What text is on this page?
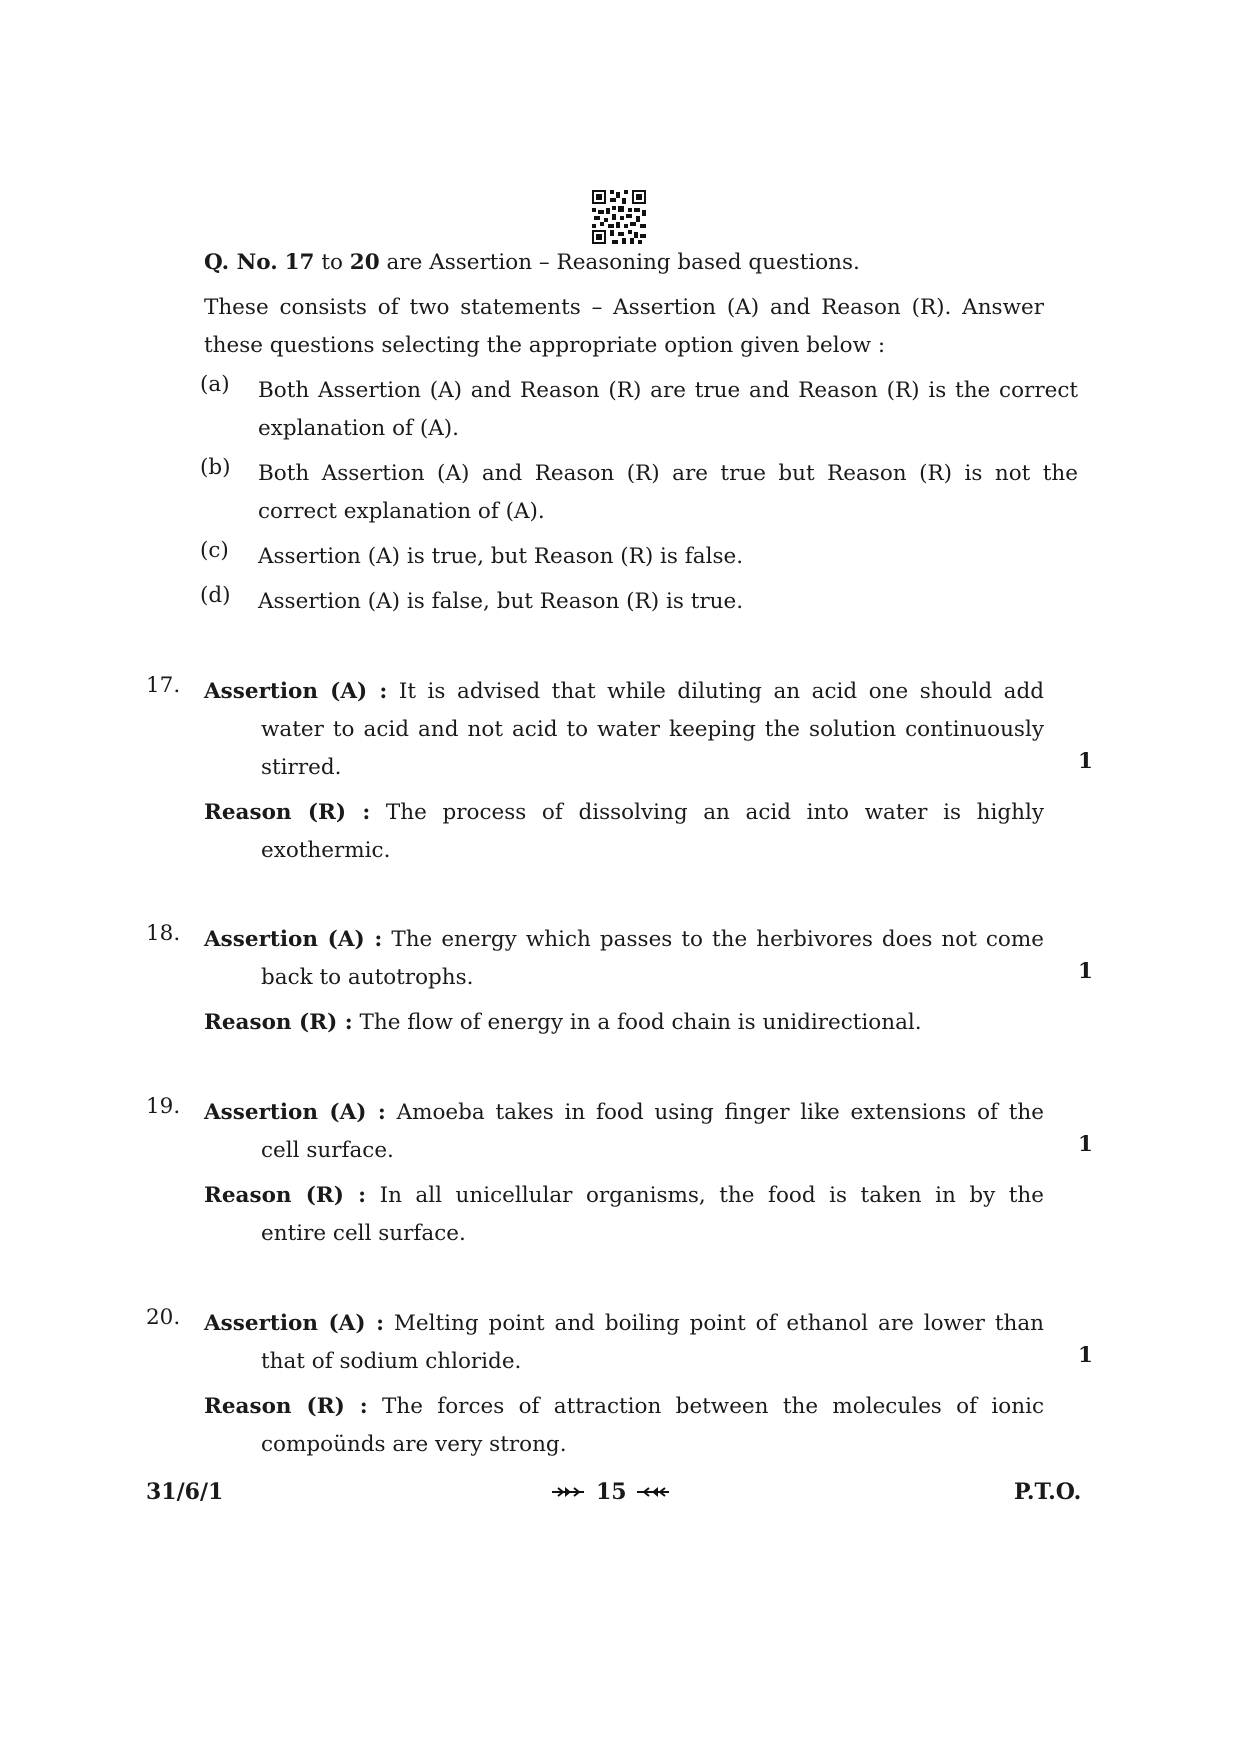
Q. No. 17 to 20 are Assertion – Reasoning based questions.
These consists of two statements – Assertion (A) and Reason (R). Answer
these questions selecting the appropriate option given below :
(a) Both Assertion (A) and Reason (R) are true and Reason (R) is the correct
explanation of (A).
(b) Both Assertion (A) and Reason (R) are true but Reason (R) is not the
correct explanation of (A).
(c) Assertion (A) is true, but Reason (R) is false.
(d) Assertion (A) is false, but Reason (R) is true.
17. Assertion (A) : It is advised that while diluting an acid one should add
water to acid and not acid to water keeping the solution continuously
stirred.	1
Reason (R) : The process of dissolving an acid into water is highly
exothermic.
18. Assertion (A) : The energy which passes to the herbivores does not come
back to autotrophs.	1
Reason (R) : The flow of energy in a food chain is unidirectional.
19. Assertion (A) : Amoeba takes in food using finger like extensions of the
cell surface.	1
Reason (R) : In all unicellular organisms, the food is taken in by the
entire cell surface.
20. Assertion (A) : Melting point and boiling point of ethanol are lower than
that of sodium chloride.	1
Reason (R) : The forces of attraction between the molecules of ionic
compoünds are very strong.
31/6/1	15	P.T.O.
